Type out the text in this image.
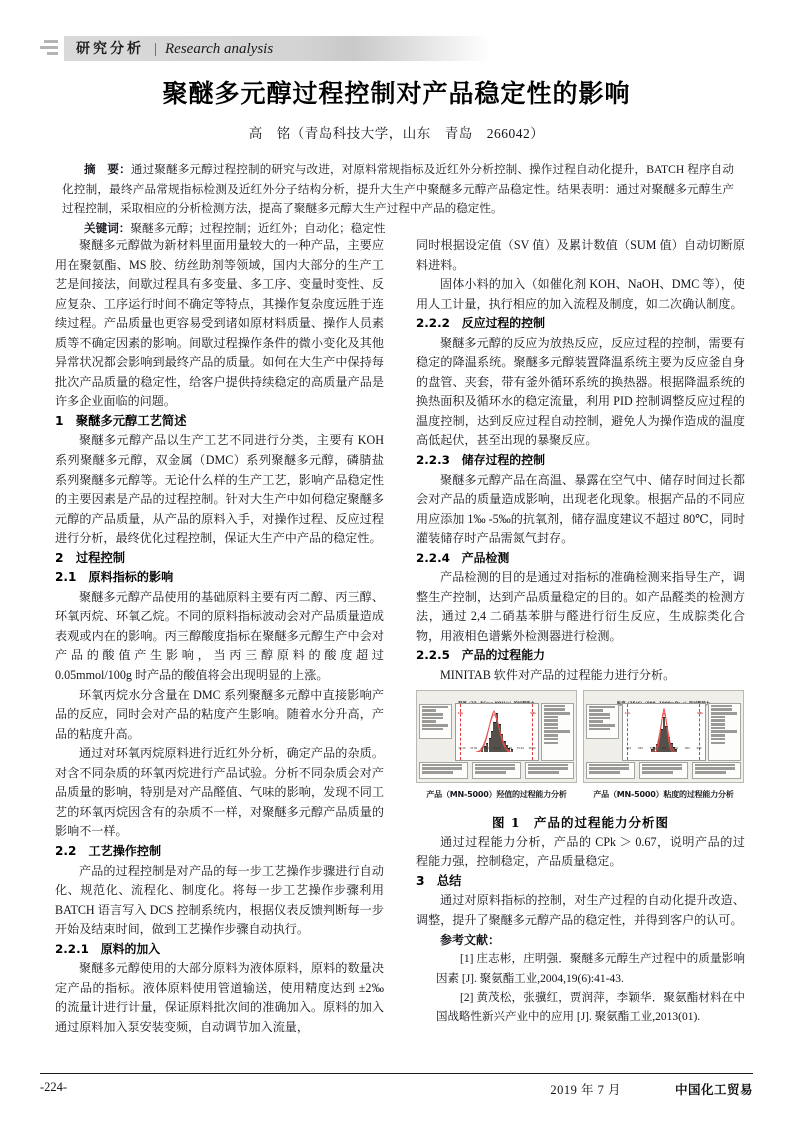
研究分析 | Research analysis
聚醚多元醇过程控制对产品稳定性的影响
高　铭（青岛科技大学，山东　青岛　266042）

摘　要：通过聚醚多元醇过程控制的研究与改进，对原料常规指标及近红外分析控制、操作过程自动化提升，BATCH 程序自动化控制，最终产品常规指标检测及近红外分子结构分析，提升大生产中聚醚多元醇产品稳定性。结果表明：通过对聚醚多元醇生产过程控制，采取相应的分析检测方法，提高了聚醚多元醇大生产过程中产品的稳定性。

关键词：聚醚多元醇；过程控制；近红外；自动化；稳定性

聚醚多元醇做为新材料里面用量较大的一种产品，主要应用在聚氨酯、MS 胶、纺丝助剂等领域，国内大部分的生产工艺是间接法，间歇过程具有多变量、多工序、变量时变性、反应复杂、工序运行时间不确定等特点，其操作复杂度远胜于连续过程。产品质量也更容易受到诸如原材料质量、操作人员素质等不确定因素的影响。间歇过程操作条件的微小变化及其他异常状况都会影响到最终产品的质量。如何在大生产中保持每批次产品质量的稳定性，给客户提供持续稳定的高质量产品是许多企业面临的问题。

1　聚醚多元醇工艺简述

聚醚多元醇产品以生产工艺不同进行分类，主要有 KOH 系列聚醚多元醇，双金属（DMC）系列聚醚多元醇，磷腈盐系列聚醚多元醇等。无论什么样的生产工艺，影响产品稳定性的主要因素是产品的过程控制。针对大生产中如何稳定聚醚多元醇的产品质量，从产品的原料入手，对操作过程、反应过程进行分析，最终优化过程控制，保证大生产中产品的稳定性。

2　过程控制
2.1　原料指标的影响

聚醚多元醇产品使用的基础原料主要有丙二醇、丙三醇、环氧丙烷、环氧乙烷。不同的原料指标波动会对产品质量造成表观或内在的影响。丙三醇酸度指标在聚醚多元醇生产中会对产品的酸值产生影响，当丙三醇原料的酸度超过 0.05mmol/100g 时产品的酸值将会出现明显的上涨。

环氧丙烷水分含量在 DMC 系列聚醚多元醇中直接影响产品的反应，同时会对产品的粘度产生影响。随着水分升高，产品的粘度升高。

通过对环氧丙烷原料进行近红外分析，确定产品的杂质。对含不同杂质的环氧丙烷进行产品试验。分析不同杂质会对产品质量的影响，特别是对产品醛值、气味的影响，发现不同工艺的环氧丙烷因含有的杂质不一样，对聚醚多元醇产品质量的影响不一样。

2.2　工艺操作控制

产品的过程控制是对产品的每一步工艺操作步骤进行自动化、规范化、流程化、制度化。将每一步工艺操作步骤利用 BATCH 语言写入 DCS 控制系统内，根据仪表反馈判断每一步开始及结束时间，做到工艺操作步骤自动执行。

2.2.1　原料的加入

聚醚多元醇使用的大部分原料为液体原料，原料的数量决定产品的指标。液体原料使用管道输送，使用精度达到 ±2‰的流量计进行计量，保证原料批次间的准确加入。原料的加入通过原料加入泵安装变频，自动调节加入流量，

同时根据设定值（SV 值）及累计数值（SUM 值）自动切断原料进料。

固体小料的加入（如催化剂 KOH、NaOH、DMC 等），使用人工计量，执行相应的加入流程及制度，如二次确认制度。

2.2.2　反应过程的控制

聚醚多元醇的反应为放热反应，反应过程的控制，需要有稳定的降温系统。聚醚多元醇装置降温系统主要为反应釜自身的盘管、夹套，带有釜外循环系统的换热器。根据降温系统的换热面积及循环水的稳定流量，利用 PID 控制调整反应过程的温度控制，达到反应过程自动控制，避免人为操作造成的温度高低起伏，甚至出现的暴聚反应。

2.2.3　储存过程的控制

聚醚多元醇产品在高温、暴露在空气中、储存时间过长都会对产品的质量造成影响，出现老化现象。根据产品的不同应用应添加 1‰ -5‰的抗氧剂，储存温度建议不超过 80℃，同时灌装储存时产品需氮气封存。

2.2.4　产品检测

产品检测的目的是通过对指标的准确检测来指导生产，调整生产控制，达到产品质量稳定的目的。如产品醛类的检测方法，通过 2,4 二硝基苯肼与醛进行衍生反应，生成腙类化合物，用液相色谱紫外检测器进行检测。

2.2.5　产品的过程能力

MINITAB 软件对产品的过程能力进行分析。

LSL	USL
32.40 33.00 33.60 34.20 34.80 35.40 36.00
产品（MN-5000）羟值的过程能力分析
LSL	USL
810	840	870	900	930	960	990
产品（MN-5000）粘度的过程能力分析
图 1　产品的过程能力分析图

通过过程能力分析，产品的 CPk ＞ 0.67，说明产品的过程能力强，控制稳定，产品质量稳定。

3　总结

通过对原料指标的控制，对生产过程的自动化提升改造、调整，提升了聚醚多元醇产品的稳定性，并得到客户的认可。

参考文献：

[1] 庄志彬，庄明强．聚醚多元醇生产过程中的质量影响因素 [J]. 聚氨酯工业,2004,19(6):41-43.

[2] 黄茂松，张骥红，贾润萍，李颖华．聚氨酯材料在中国战略性新兴产业中的应用 [J]. 聚氨酯工业,2013(01).

-224-	2019 年 7 月	中国化工贸易
